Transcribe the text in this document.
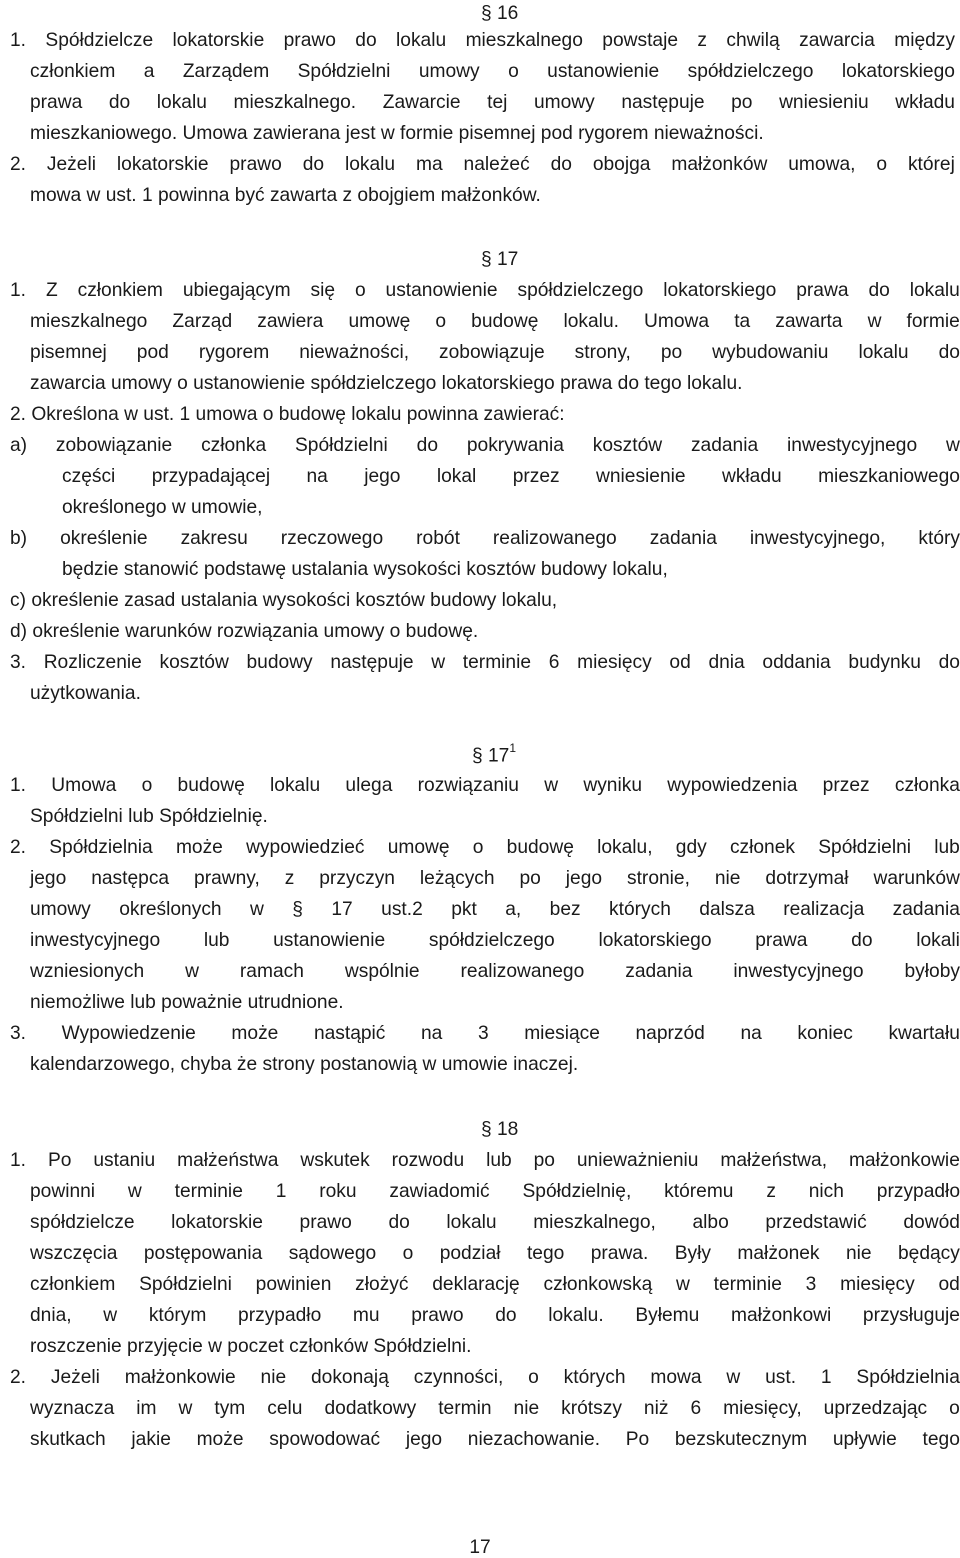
§ 16
1. Spółdzielcze lokatorskie prawo do lokalu mieszkalnego powstaje z chwilą zawarcia między
członkiem a Zarządem Spółdzielni umowy o ustanowienie spółdzielczego lokatorskiego
prawa do lokalu mieszkalnego. Zawarcie tej umowy następuje po wniesieniu wkładu
mieszkaniowego. Umowa zawierana jest w formie pisemnej pod rygorem nieważności.
2. Jeżeli lokatorskie prawo do lokalu ma należeć do obojga małżonków umowa, o której
mowa w ust. 1 powinna być zawarta z obojgiem małżonków.
§ 17
1. Z członkiem ubiegającym się o ustanowienie spółdzielczego lokatorskiego prawa do lokalu
mieszkalnego Zarząd zawiera umowę o budowę lokalu. Umowa ta zawarta w formie
pisemnej pod rygorem nieważności, zobowiązuje strony, po wybudowaniu lokalu do
zawarcia umowy o ustanowienie spółdzielczego lokatorskiego prawa do tego lokalu.
2. Określona w ust. 1 umowa o budowę lokalu powinna zawierać:
a) zobowiązanie członka Spółdzielni do pokrywania kosztów zadania inwestycyjnego w
części przypadającej na jego lokal przez wniesienie wkładu mieszkaniowego
określonego w umowie,
b) określenie zakresu rzeczowego robót realizowanego zadania inwestycyjnego, który
będzie stanowić podstawę ustalania wysokości kosztów budowy lokalu,
c) określenie zasad ustalania wysokości kosztów budowy lokalu,
d) określenie warunków rozwiązania umowy o budowę.
3. Rozliczenie kosztów budowy następuje w terminie 6 miesięcy od dnia oddania budynku do
użytkowania.
§ $17^1$
1. Umowa o budowę lokalu ulega rozwiązaniu w wyniku wypowiedzenia przez członka
Spółdzielni lub Spółdzielnię.
2. Spółdzielnia może wypowiedzieć umowę o budowę lokalu, gdy członek Spółdzielni lub
jego następca prawny, z przyczyn leżących po jego stronie, nie dotrzymał warunków
umowy określonych w § 17 ust.2 pkt a, bez których dalsza realizacja zadania
inwestycyjnego lub ustanowienie spółdzielczego lokatorskiego prawa do lokali
wzniesionych w ramach wspólnie realizowanego zadania inwestycyjnego byłoby
niemożliwe lub poważnie utrudnione.
3. Wypowiedzenie może nastąpić na 3 miesiące naprzód na koniec kwartału
kalendarzowego, chyba że strony postanowią w umowie inaczej.
§ 18
1. Po ustaniu małżeństwa wskutek rozwodu lub po unieważnieniu małżeństwa, małżonkowie
powinni w terminie 1 roku zawiadomić Spółdzielnię, któremu z nich przypadło
spółdzielcze lokatorskie prawo do lokalu mieszkalnego, albo przedstawić dowód
wszczęcia postępowania sądowego o podział tego prawa. Były małżonek nie będący
członkiem Spółdzielni powinien złożyć deklarację członkowską w terminie 3 miesięcy od
dnia, w którym przypadło mu prawo do lokalu. Byłemu małżonkowi przysługuje
roszczenie przyjęcie w poczet członków Spółdzielni.
2. Jeżeli małżonkowie nie dokonają czynności, o których mowa w ust. 1 Spółdzielnia
wyznacza im w tym celu dodatkowy termin nie krótszy niż 6 miesięcy, uprzedzając o
skutkach jakie może spowodować jego niezachowanie. Po bezskutecznym upływie tego
17
